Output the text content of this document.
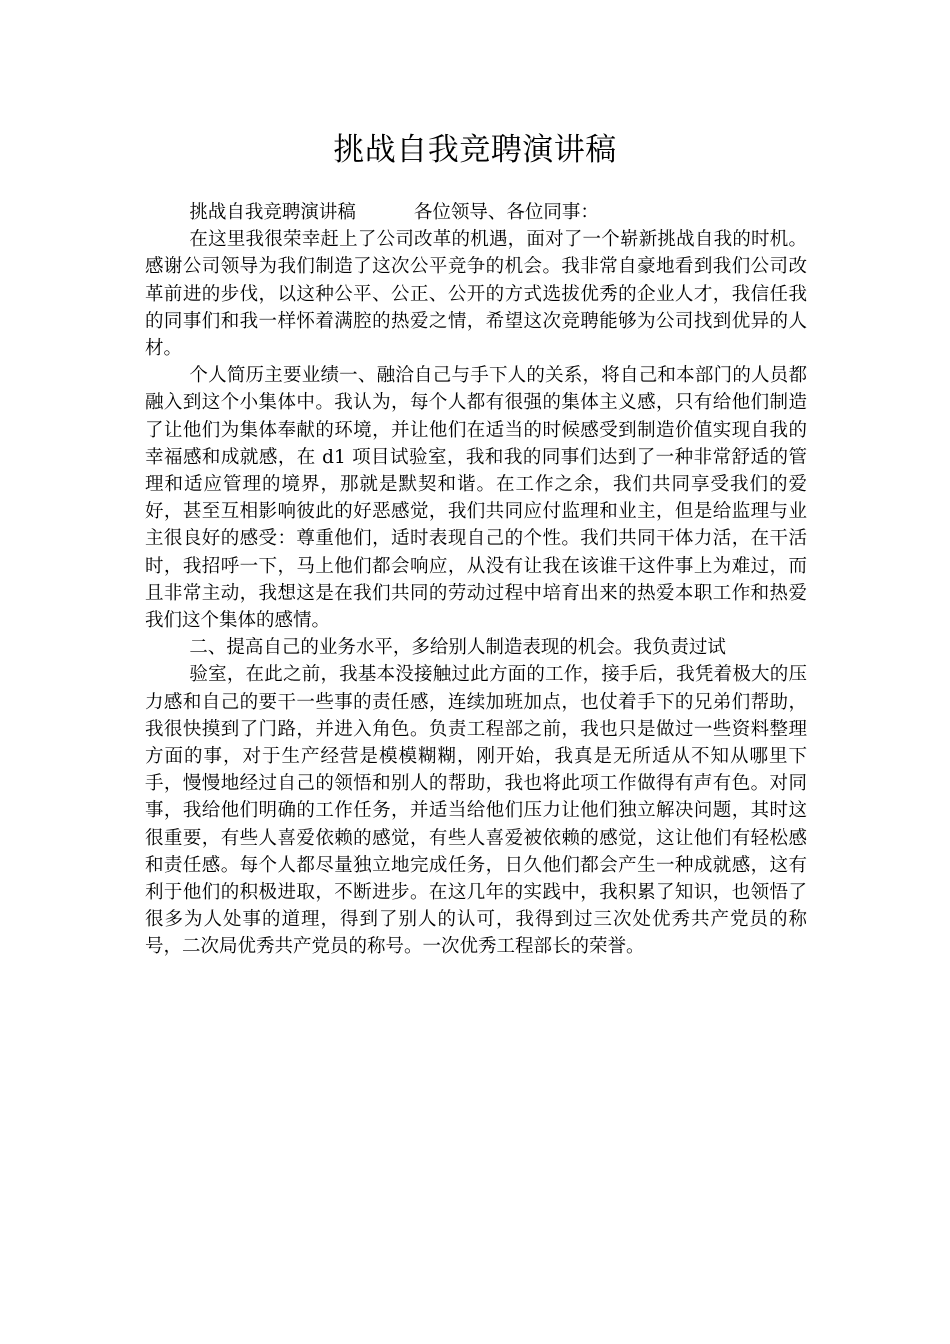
挑战自我竞聘演讲稿

挑战自我竞聘演讲稿	各位领导、各位同事：

在这里我很荣幸赶上了公司改革的机遇，面对了一个崭新挑战自我的时机。感谢公司领导为我们制造了这次公平竞争的机会。我非常自豪地看到我们公司改革前进的步伐，以这种公平、公正、公开的方式选拔优秀的企业人才，我信任我的同事们和我一样怀着满腔的热爱之情，希望这次竞聘能够为公司找到优异的人材。

个人简历主要业绩一、融洽自己与手下人的关系，将自己和本部门的人员都融入到这个小集体中。我认为，每个人都有很强的集体主义感，只有给他们制造了让他们为集体奉献的环境，并让他们在适当的时候感受到制造价值实现自我的幸福感和成就感，在 d1 项目试验室，我和我的同事们达到了一种非常舒适的管理和适应管理的境界，那就是默契和谐。在工作之余，我们共同享受我们的爱好，甚至互相影响彼此的好恶感觉，我们共同应付监理和业主，但是给监理与业主很良好的感受：尊重他们，适时表现自己的个性。我们共同干体力活，在干活时，我招呼一下，马上他们都会响应，从没有让我在该谁干这件事上为难过，而且非常主动，我想这是在我们共同的劳动过程中培育出来的热爱本职工作和热爱我们这个集体的感情。

二、提高自己的业务水平，多给别人制造表现的机会。我负责过试

验室，在此之前，我基本没接触过此方面的工作，接手后，我凭着极大的压力感和自己的要干一些事的责任感，连续加班加点，也仗着手下的兄弟们帮助，我很快摸到了门路，并进入角色。负责工程部之前，我也只是做过一些资料整理方面的事，对于生产经营是模模糊糊，刚开始，我真是无所适从不知从哪里下手，慢慢地经过自己的领悟和别人的帮助，我也将此项工作做得有声有色。对同事，我给他们明确的工作任务，并适当给他们压力让他们独立解决问题，其时这很重要，有些人喜爱依赖的感觉，有些人喜爱被依赖的感觉，这让他们有轻松感和责任感。每个人都尽量独立地完成任务，日久他们都会产生一种成就感，这有利于他们的积极进取，不断进步。在这几年的实践中，我积累了知识，也领悟了很多为人处事的道理，得到了别人的认可，我得到过三次处优秀共产党员的称号，二次局优秀共产党员的称号。一次优秀工程部长的荣誉。
